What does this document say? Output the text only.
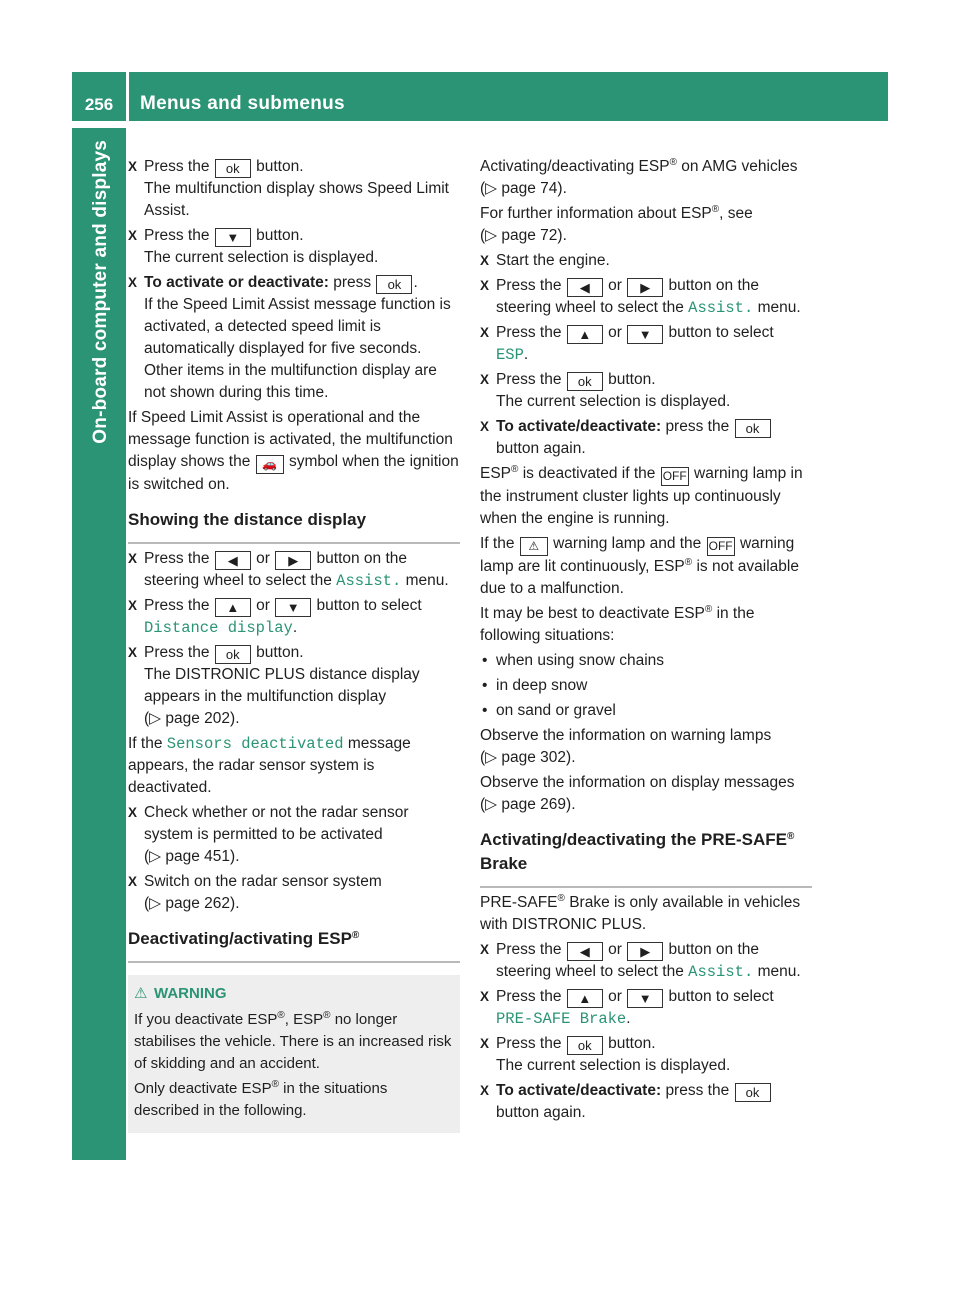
256	Menus and submenus
On-board computer and displays
X	Press the ok button.
The multifunction display shows Speed Limit Assist.
X Press the ▼ button.
The current selection is displayed.
X To activate or deactivate: press ok .
If the Speed Limit Assist message function is activated, a detected speed limit is automatically displayed for five seconds. Other items in the multifunction display are not shown during this time.
If Speed Limit Assist is operational and the message function is activated, the multifunction display shows the 🚗 symbol when the ignition is switched on.
Showing the distance display
X Press the ◀ or ▶ button on the steering wheel to select the Assist. menu.
X Press the ▲ or ▼ button to select
Distance display.
X Press the ok button.
The DISTRONIC PLUS distance display appears in the multifunction display
(▷ page 202).
If the Sensors deactivated message appears, the radar sensor system is deactivated.
X Check whether or not the radar sensor system is permitted to be activated
(▷ page 451).
X Switch on the radar sensor system
(▷ page 262).
Deactivating/activating ESP®
⚠ WARNING
If you deactivate ESP®, ESP® no longer stabilises the vehicle. There is an increased risk of skidding and an accident.
Only deactivate ESP® in the situations described in the following.
Activating/deactivating ESP® on AMG vehicles (▷ page 74).
For further information about ESP®, see
(▷ page 72).
X Start the engine.
X Press the ◀ or ▶ button on the steering wheel to select the Assist. menu.
X Press the ▲ or ▼ button to select
ESP.
X Press the ok button.
The current selection is displayed.
X To activate/deactivate: press the ok
button again.
ESP® is deactivated if the OFF warning lamp in the instrument cluster lights up continuously when the engine is running.
If the ⚠ warning lamp and the OFF warning lamp are lit continuously, ESP® is not available due to a malfunction.
It may be best to deactivate ESP® in the following situations:
• when using snow chains
• in deep snow
• on sand or gravel
Observe the information on warning lamps
(▷ page 302).
Observe the information on display messages
(▷ page 269).
Activating/deactivating the PRE-SAFE®
Brake
PRE-SAFE® Brake is only available in vehicles with DISTRONIC PLUS.
X Press the ◀ or ▶ button on the steering wheel to select the Assist. menu.
X Press the ▲ or ▼ button to select
PRE-SAFE Brake.
X Press the ok button.
The current selection is displayed.
X To activate/deactivate: press the ok
button again.
